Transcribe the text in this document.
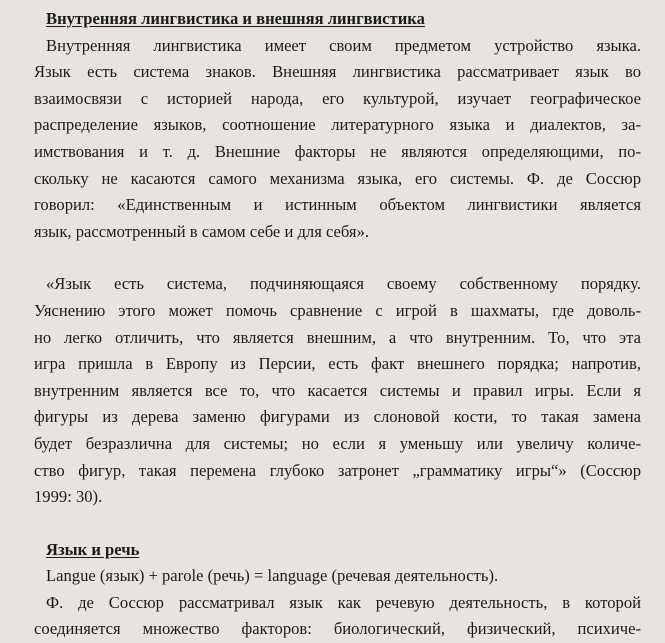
Внутренняя лингвистика и внешняя лингвистика
Внутренняя лингвистика имеет своим предметом устройство языка.
Язык есть система знаков. Внешняя лингвистика рассматривает язык во
взаимосвязи с историей народа, его культурой, изучает географическое
распределение языков, соотношение литературного языка и диалектов, за-
имствования и т. д. Внешние факторы не являются определяющими, по-
скольку не касаются самого механизма языка, его системы. Ф. де Соссюр
говорил: «Единственным и истинным объектом лингвистики является
язык, рассмотренный в самом себе и для себя».
«Язык есть система, подчиняющаяся своему собственному порядку.
Уяснению этого может помочь сравнение с игрой в шахматы, где доволь-
но легко отличить, что является внешним, а что внутренним. То, что эта
игра пришла в Европу из Персии, есть факт внешнего порядка; напротив,
внутренним является все то, что касается системы и правил игры. Если я
фигуры из дерева заменю фигурами из слоновой кости, то такая замена
будет безразлична для системы; но если я уменьшу или увеличу количе-
ство фигур, такая перемена глубоко затронет „грамматику игры“» (Соссюр
1999: 30).
Язык и речь
Langue (язык) + parole (речь) = language (речевая деятельность).
Ф. де Соссюр рассматривал язык как речевую деятельность, в которой
соединяется множество факторов: биологический, физический, психиче-
